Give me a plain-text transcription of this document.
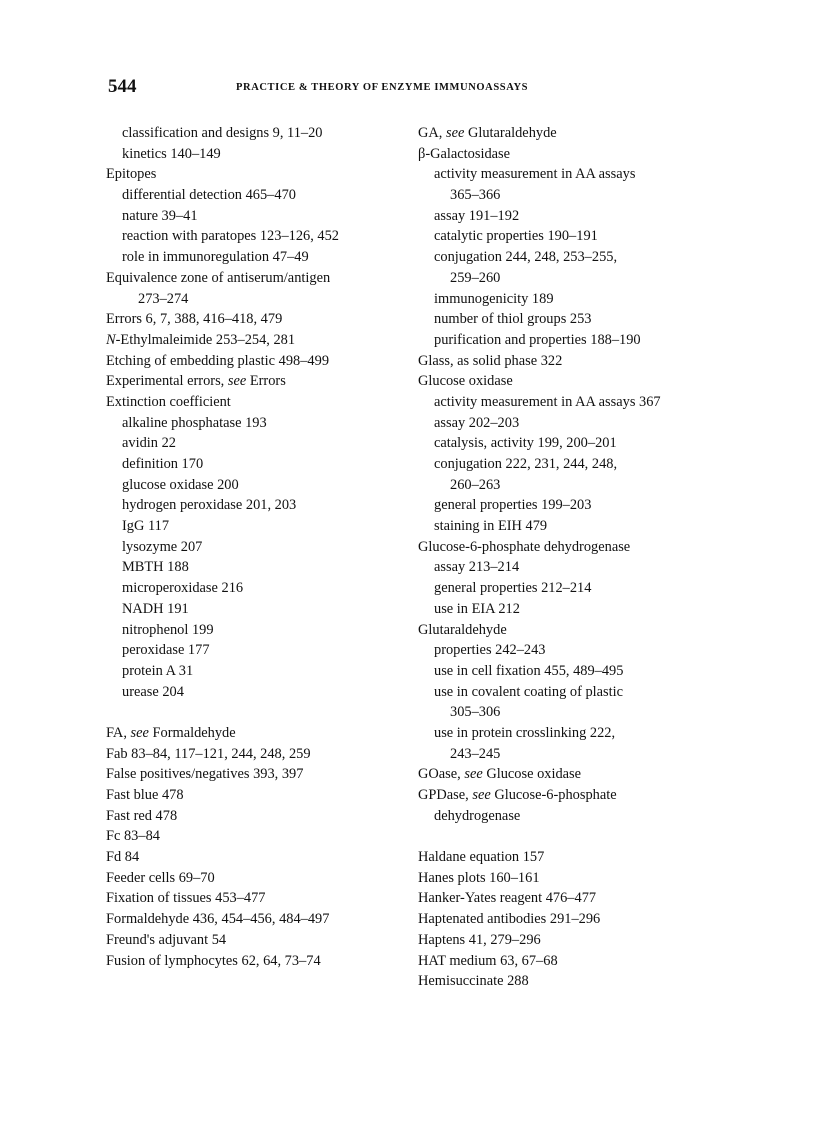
544	PRACTICE & THEORY OF ENZYME IMMUNOASSAYS
classification and designs 9, 11–20
kinetics 140–149
Epitopes
differential detection 465–470
nature 39–41
reaction with paratopes 123–126, 452
role in immunoregulation 47–49
Equivalence zone of antiserum/antigen
273–274
Errors 6, 7, 388, 416–418, 479
N-Ethylmaleimide 253–254, 281
Etching of embedding plastic 498–499
Experimental errors, see Errors
Extinction coefficient
alkaline phosphatase 193
avidin 22
definition 170
glucose oxidase 200
hydrogen peroxidase 201, 203
IgG 117
lysozyme 207
MBTH 188
microperoxidase 216
NADH 191
nitrophenol 199
peroxidase 177
protein A 31
urease 204
FA, see Formaldehyde
Fab 83–84, 117–121, 244, 248, 259
False positives/negatives 393, 397
Fast blue 478
Fast red 478
Fc 83–84
Fd 84
Feeder cells 69–70
Fixation of tissues 453–477
Formaldehyde 436, 454–456, 484–497
Freund's adjuvant 54
Fusion of lymphocytes 62, 64, 73–74
GA, see Glutaraldehyde
β-Galactosidase
activity measurement in AA assays
365–366
assay 191–192
catalytic properties 190–191
conjugation 244, 248, 253–255,
259–260
immunogenicity 189
number of thiol groups 253
purification and properties 188–190
Glass, as solid phase 322
Glucose oxidase
activity measurement in AA assays 367
assay 202–203
catalysis, activity 199, 200–201
conjugation 222, 231, 244, 248,
260–263
general properties 199–203
staining in EIH 479
Glucose-6-phosphate dehydrogenase
assay 213–214
general properties 212–214
use in EIA 212
Glutaraldehyde
properties 242–243
use in cell fixation 455, 489–495
use in covalent coating of plastic
305–306
use in protein crosslinking 222,
243–245
GOase, see Glucose oxidase
GPDase, see Glucose-6-phosphate
dehydrogenase
Haldane equation 157
Hanes plots 160–161
Hanker-Yates reagent 476–477
Haptenated antibodies 291–296
Haptens 41, 279–296
HAT medium 63, 67–68
Hemisuccinate 288
